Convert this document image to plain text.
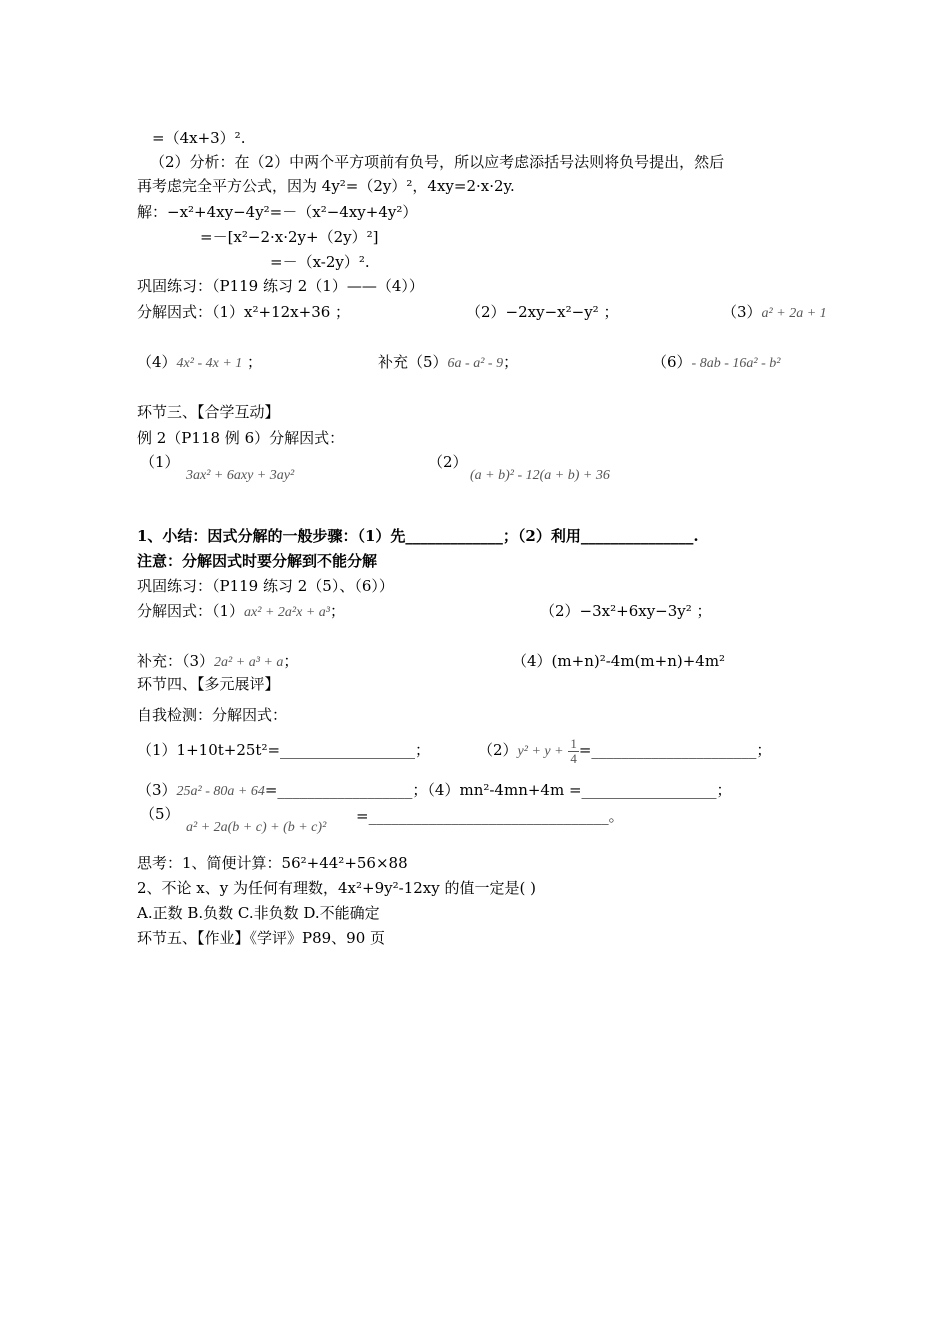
=（4x+3）².
（2）分析：在（2）中两个平方项前有负号，所以应考虑添括号法则将负号提出，然后
再考虑完全平方公式，因为 4y²=（2y）²，4xy=2·x·2y.
解：−x²+4xy−4y²=－（x²−4xy+4y²）
=－[x²−2·x·2y+（2y）²]
=－（x-2y）².
巩固练习：（P119 练习 2（1）——（4））
分解因式：（1）x²+12x+36 ；	（2）−2xy−x²−y² ；	（3）a² + 2a + 1
（4）4x² - 4x + 1 ；	补充（5）6a - a² - 9；	（6）- 8ab - 16a² - b²
环节三、【合学互动】
例 2（P118 例 6）分解因式：
（1）
3ax² + 6axy + 3ay²
（2）
(a + b)² - 12(a + b) + 36
1、小结：因式分解的一般步骤：（1）先_____________；（2）利用_______________.
注意：分解因式时要分解到不能分解
巩固练习：（P119 练习 2（5）、（6））
分解因式：（1）ax² + 2a²x + a³；	（2）−3x²+6xy−3y² ；
补充：（3）2a² + a³ + a；	（4）(m+n)²-4m(m+n)+4m²
环节四、【多元展评】
自我检测：分解因式：
（1）1+10t+25t²=__________________；	$(2)y^2 + y + \frac{1}{4}$ =______________________；
（3）25a² - 80a + 64=__________________；（4）mn²-4mn+4m =__________________；
（5）
a² + 2a(b + c) + (b + c)²
=________________________________。
思考：1、简便计算：56²+44²+56×88
2、不论 x、y 为任何有理数，4x²+9y²-12xy 的值一定是( )
A.正数 B.负数 C.非负数 D.不能确定
环节五、【作业】《学评》P89、90 页
